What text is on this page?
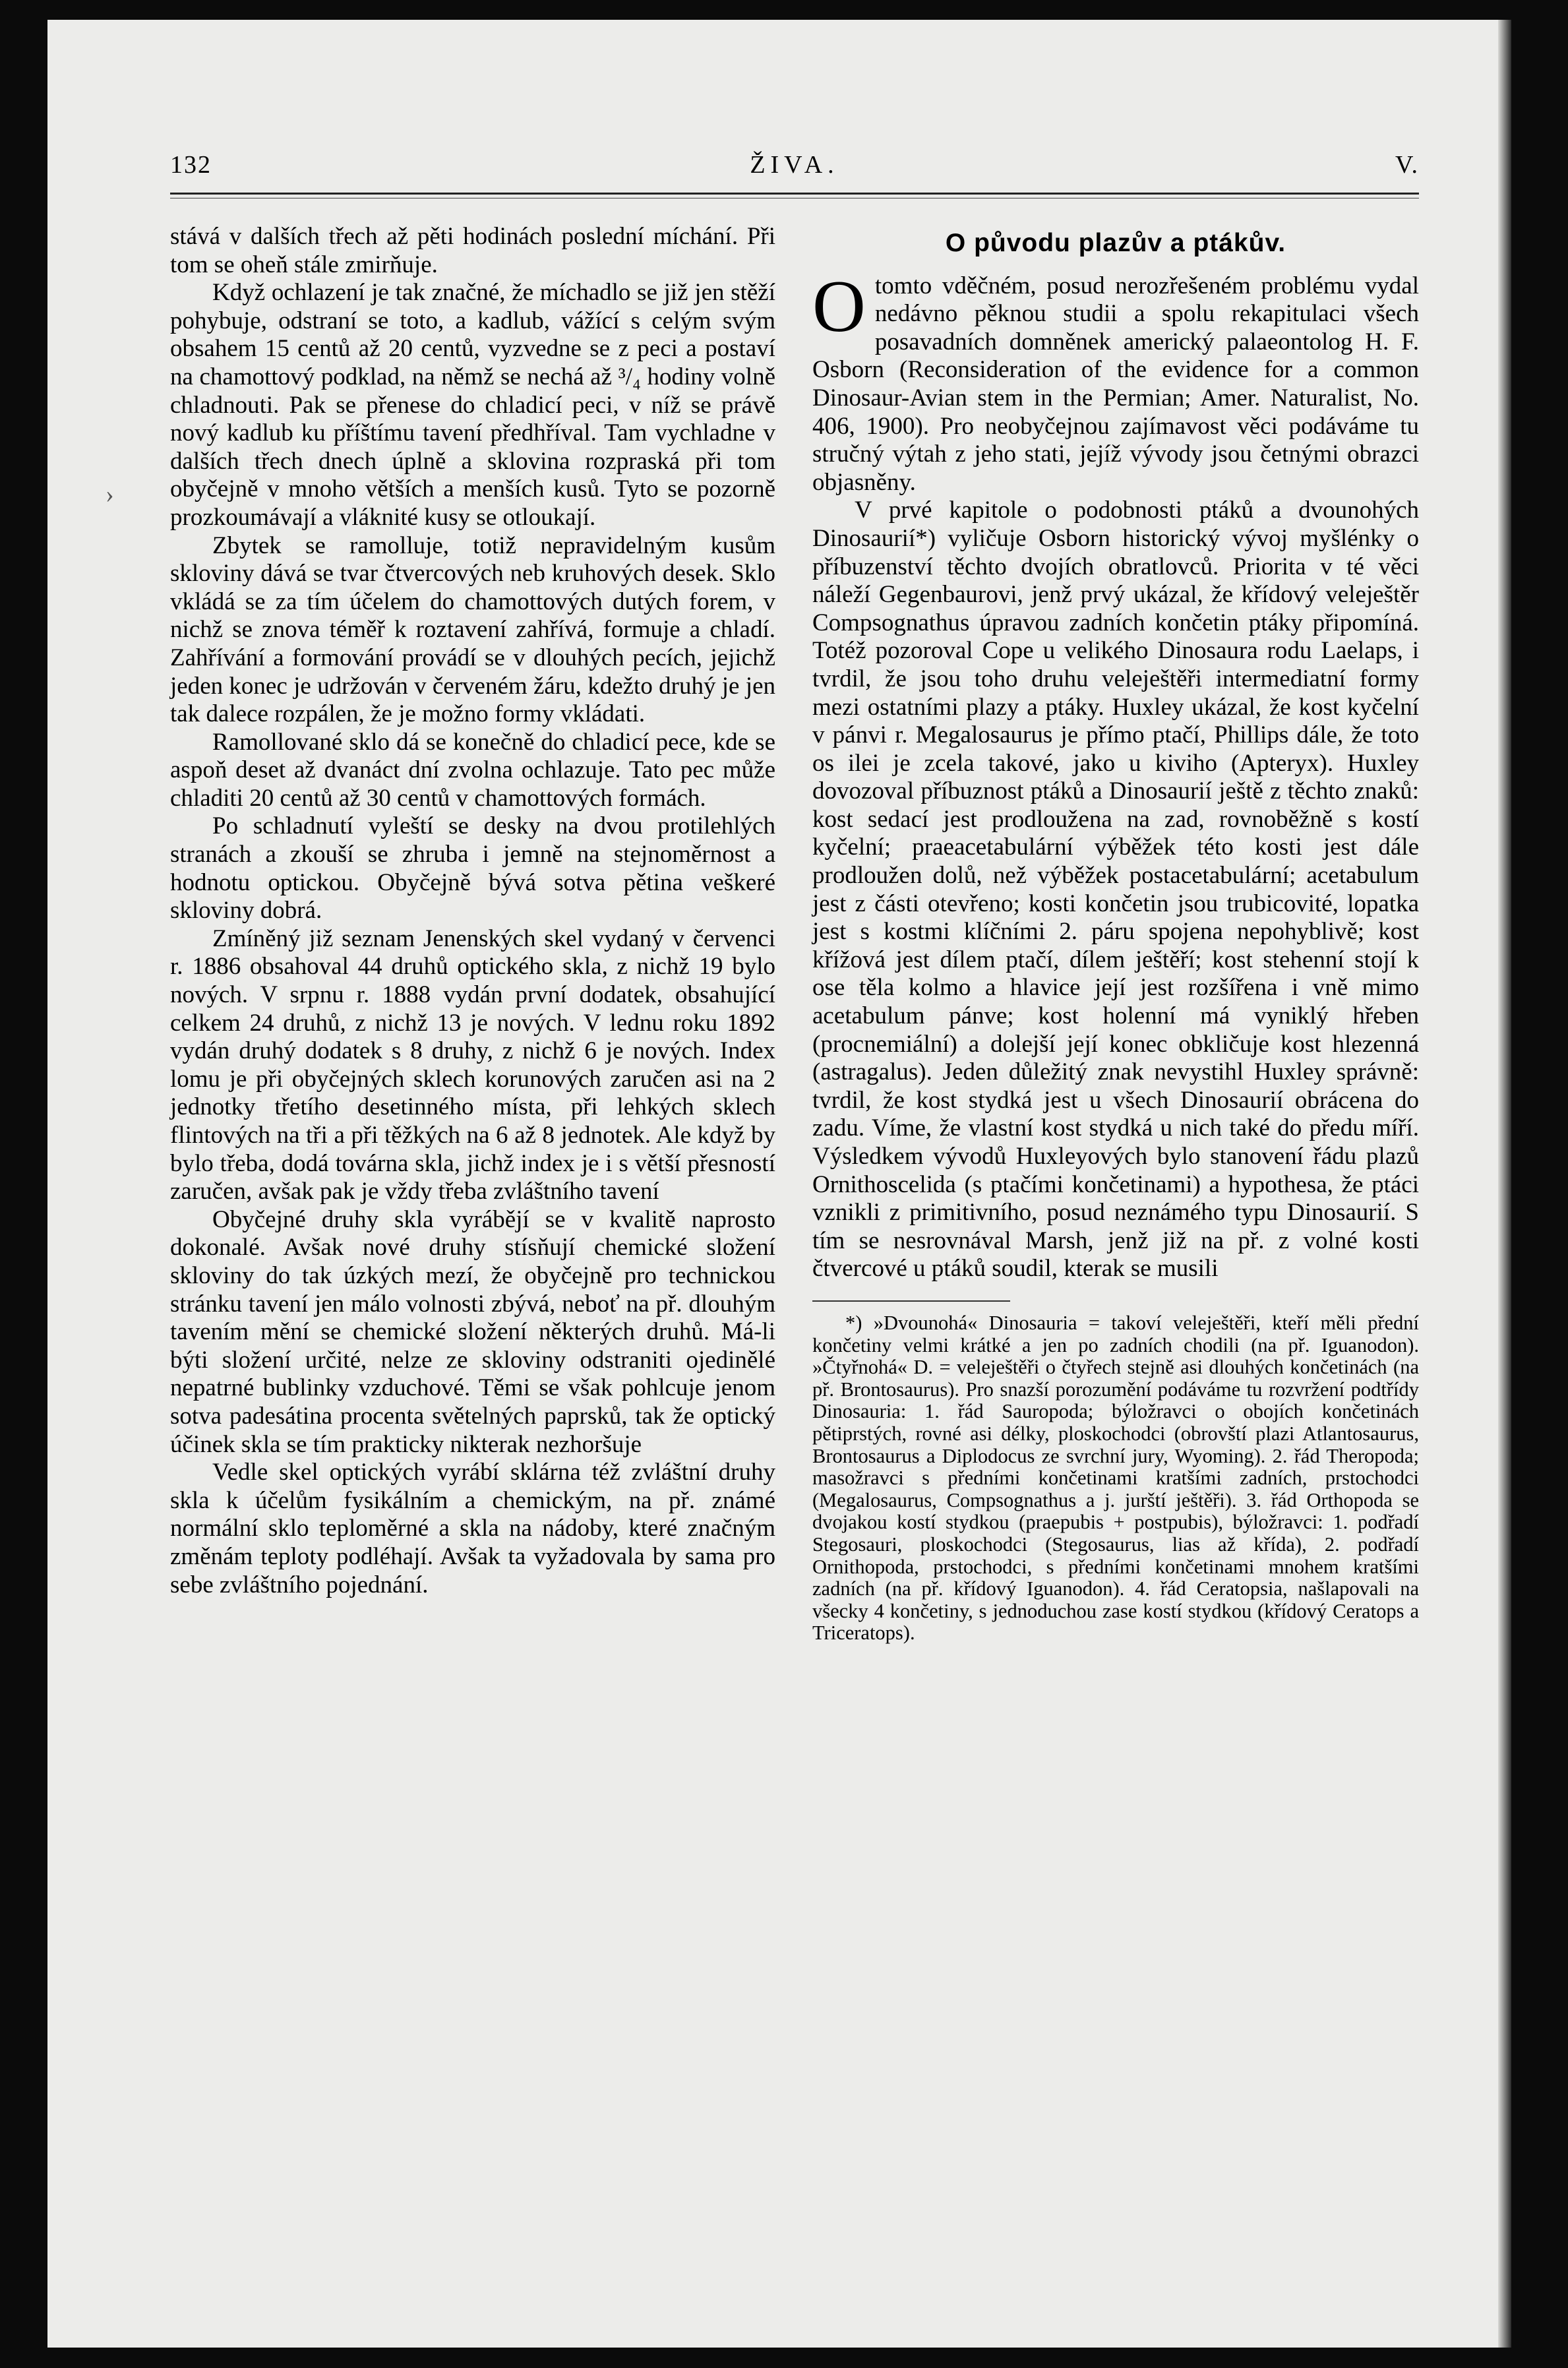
ŽIVA.
132	V.
›

stává v dalších třech až pěti hodinách poslední míchání. Při tom se oheň stále zmirňuje.

Když ochlazení je tak značné, že míchadlo se již jen stěží pohybuje, odstraní se toto, a kadlub, vážící s celým svým obsahem 15 centů až 20 centů, vyzvedne se z peci a postaví na chamottový podklad, na němž se nechá až ³/₄ hodiny volně chladnouti. Pak se přenese do chladicí peci, v níž se právě nový kadlub ku příštímu tavení předhříval. Tam vychladne v dalších třech dnech úplně a sklovina rozpraská při tom obyčejně v mnoho větších a menších kusů. Tyto se pozorně prozkoumávají a vláknité kusy se otloukají.

Zbytek se ramolluje, totiž nepravidelným kusům skloviny dává se tvar čtvercových neb kruhových desek. Sklo vkládá se za tím účelem do chamottových dutých forem, v nichž se znova téměř k roztavení zahřívá, formuje a chladí. Zahřívání a formování provádí se v dlouhých pecích, jejichž jeden konec je udržován v červeném žáru, kdežto druhý je jen tak dalece rozpálen, že je možno formy vkládati.

Ramollované sklo dá se konečně do chladicí pece, kde se aspoň deset až dvanáct dní zvolna ochlazuje. Tato pec může chladiti 20 centů až 30 centů v chamottových formách.

Po schladnutí vyleští se desky na dvou protilehlých stranách a zkouší se zhruba i jemně na stejnoměrnost a hodnotu optickou. Obyčejně bývá sotva pětina veškeré skloviny dobrá.

Zmíněný již seznam Jenenských skel vydaný v červenci r. 1886 obsahoval 44 druhů optického skla, z nichž 19 bylo nových. V srpnu r. 1888 vydán první dodatek, obsahující celkem 24 druhů, z nichž 13 je nových. V lednu roku 1892 vydán druhý dodatek s 8 druhy, z nichž 6 je nových. Index lomu je při obyčejných sklech korunových zaručen asi na 2 jednotky třetího desetinného místa, při lehkých sklech flintových na tři a při těžkých na 6 až 8 jednotek. Ale když by bylo třeba, dodá továrna skla, jichž index je i s větší přesností zaručen, avšak pak je vždy třeba zvláštního tavení

Obyčejné druhy skla vyrábějí se v kvalitě naprosto dokonalé. Avšak nové druhy stísňují chemické složení skloviny do tak úzkých mezí, že obyčejně pro technickou stránku tavení jen málo volnosti zbývá, neboť na př. dlouhým tavením mění se chemické složení některých druhů. Má-li býti složení určité, nelze ze skloviny odstraniti ojedinělé nepatrné bublinky vzduchové. Těmi se však pohlcuje jenom sotva padesátina procenta světelných paprsků, tak že optický účinek skla se tím prakticky nikterak nezhoršuje

Vedle skel optických vyrábí sklárna též zvláštní druhy skla k účelům fysikálním a chemickým, na př. známé normální sklo teploměrné a skla na nádoby, které značným změnám teploty podléhají. Avšak ta vyžadovala by sama pro sebe zvláštního pojednání.

O původu plazův a ptákův.

Otomto vděčném, posud nerozřešeném problému vydal nedávno pěknou studii a spolu rekapitulaci všech posavadních domněnek americký palaeontolog H. F. Osborn (Reconsideration of the evidence for a common Dinosaur-Avian stem in the Permian; Amer. Naturalist, No. 406, 1900). Pro neobyčejnou zajímavost věci podáváme tu stručný výtah z jeho stati, jejíž vývody jsou četnými obrazci objasněny.

V prvé kapitole o podobnosti ptáků a dvounohých Dinosaurií*) vyličuje Osborn historický vývoj myšlénky o příbuzenství těchto dvojích obratlovců. Priorita v té věci náleží Gegenbaurovi, jenž prvý ukázal, že křídový veleještěr Compsognathus úpravou zadních končetin ptáky připomíná. Totéž pozoroval Cope u velikého Dinosaura rodu Laelaps, i tvrdil, že jsou toho druhu veleještěři intermediatní formy mezi ostatními plazy a ptáky. Huxley ukázal, že kost kyčelní v pánvi r. Megalosaurus je přímo ptačí, Phillips dále, že toto os ilei je zcela takové, jako u kiviho (Apteryx). Huxley dovozoval příbuznost ptáků a Dinosaurií ještě z těchto znaků: kost sedací jest prodloužena na zad, rovnoběžně s kostí kyčelní; praeacetabulární výběžek této kosti jest dále prodloužen dolů, než výběžek postacetabulární; acetabulum jest z části otevřeno; kosti končetin jsou trubicovité, lopatka jest s kostmi klíčními 2. páru spojena nepohyblivě; kost křížová jest dílem ptačí, dílem ještěří; kost stehenní stojí k ose těla kolmo a hlavice její jest rozšířena i vně mimo acetabulum pánve; kost holenní má vyniklý hřeben (procnemiální) a dolejší její konec obkličuje kost hlezenná (astragalus). Jeden důležitý znak nevystihl Huxley správně: tvrdil, že kost stydká jest u všech Dinosaurií obrácena do zadu. Víme, že vlastní kost stydká u nich také do předu míří. Výsledkem vývodů Huxleyových bylo stanovení řádu plazů Ornithoscelida (s ptačími končetinami) a hypothesa, že ptáci vznikli z primitivního, posud neznámého typu Dinosaurií. S tím se nesrovnával Marsh, jenž již na př. z volné kosti čtvercové u ptáků soudil, kterak se musili

*) »Dvounohá« Dinosauria = takoví veleještěři, kteří měli přední končetiny velmi krátké a jen po zadních chodili (na př. Iguanodon). »Čtyřnohá« D. = veleještěři o čtyřech stejně asi dlouhých končetinách (na př. Brontosaurus). Pro snazší porozumění podáváme tu rozvržení podtřídy Dinosauria: 1. řád Sauropoda; býložravci o obojích končetinách pětiprstých, rovné asi délky, ploskochodci (obrovští plazi Atlantosaurus, Brontosaurus a Diplodocus ze svrchní jury, Wyoming). 2. řád Theropoda; masožravci s předními končetinami kratšími zadních, prstochodci (Megalosaurus, Compsognathus a j. jurští ještěři). 3. řád Orthopoda se dvojakou kostí stydkou (praepubis + postpubis), býložravci: 1. podřadí Stegosauri, ploskochodci (Stegosaurus, lias až křída), 2. podřadí Ornithopoda, prstochodci, s předními končetinami mnohem kratšími zadních (na př. křídový Iguanodon). 4. řád Ceratopsia, našlapovali na všecky 4 končetiny, s jednoduchou zase kostí stydkou (křídový Ceratops a Triceratops).
